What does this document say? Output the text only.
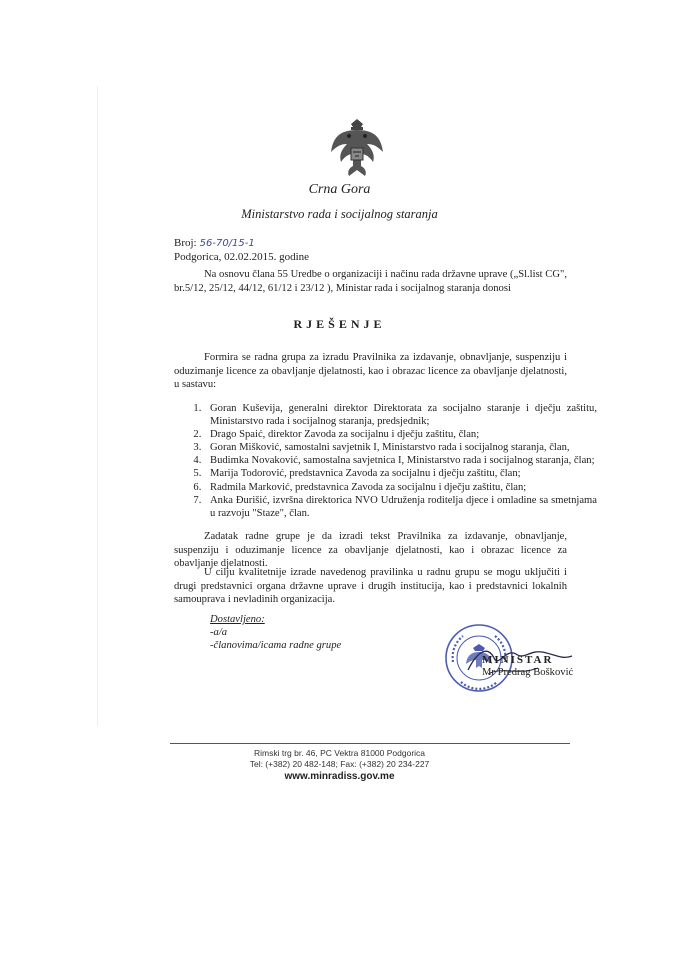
Crna Gora
Ministarstvo rada i socijalnog staranja
Broj: 56-70/15-1
Podgorica, 02.02.2015. godine

Na osnovu člana 55 Uredbe o organizaciji i načinu rada državne uprave („Sl.list CG", br.5/12, 25/12, 44/12, 61/12 i 23/12 ), Ministar rada i socijalnog staranja donosi

RJEŠENJE

Formira se radna grupa za izradu Pravilnika za izdavanje, obnavljanje, suspenziju i oduzimanje licence za obavljanje djelatnosti, kao i obrazac licence za obavljanje djelatnosti, u sastavu:

1. Goran Kuševija, generalni direktor Direktorata za socijalno staranje i dječju zaštitu, Ministarstvo rada i socijalnog staranja, predsjednik;
2. Drago Spaić, direktor Zavoda za socijalnu i dječju zaštitu, član;
3. Goran Mišković, samostalni savjetnik I, Ministarstvo rada i socijalnog staranja, član,
4. Budimka Novaković, samostalna savjetnica I, Ministarstvo rada i socijalnog staranja, član;
5. Marija Todorović, predstavnica Zavoda za socijalnu i dječju zaštitu, član;
6. Radmila Marković, predstavnica Zavoda za socijalnu i dječju zaštitu, član;
7. Anka Đurišić, izvršna direktorica NVO Udruženja roditelja djece i omladine sa smetnjama u razvoju "Staze", član.

Zadatak radne grupe je da izradi tekst Pravilnika za izdavanje, obnavljanje, suspenziju i oduzimanje licence za obavljanje djelatnosti, kao i obrazac licence za obavljanje djelatnosti.

U cilju kvalitetnije izrade navedenog pravilinka u radnu grupu se mogu uključiti i drugi predstavnici organa državne uprave i drugih institucija, kao i predstavnici lokalnih samouprava i nevladinih organizacija.

Dostavljeno:
-a/a
-članovima/icama radne grupe
MINISTAR
Mr Predrag Bošković
Rimski trg br. 46, PC Vektra 81000 Podgorica
Tel: (+382) 20 482-148; Fax: (+382) 20 234-227
www.minradiss.gov.me
